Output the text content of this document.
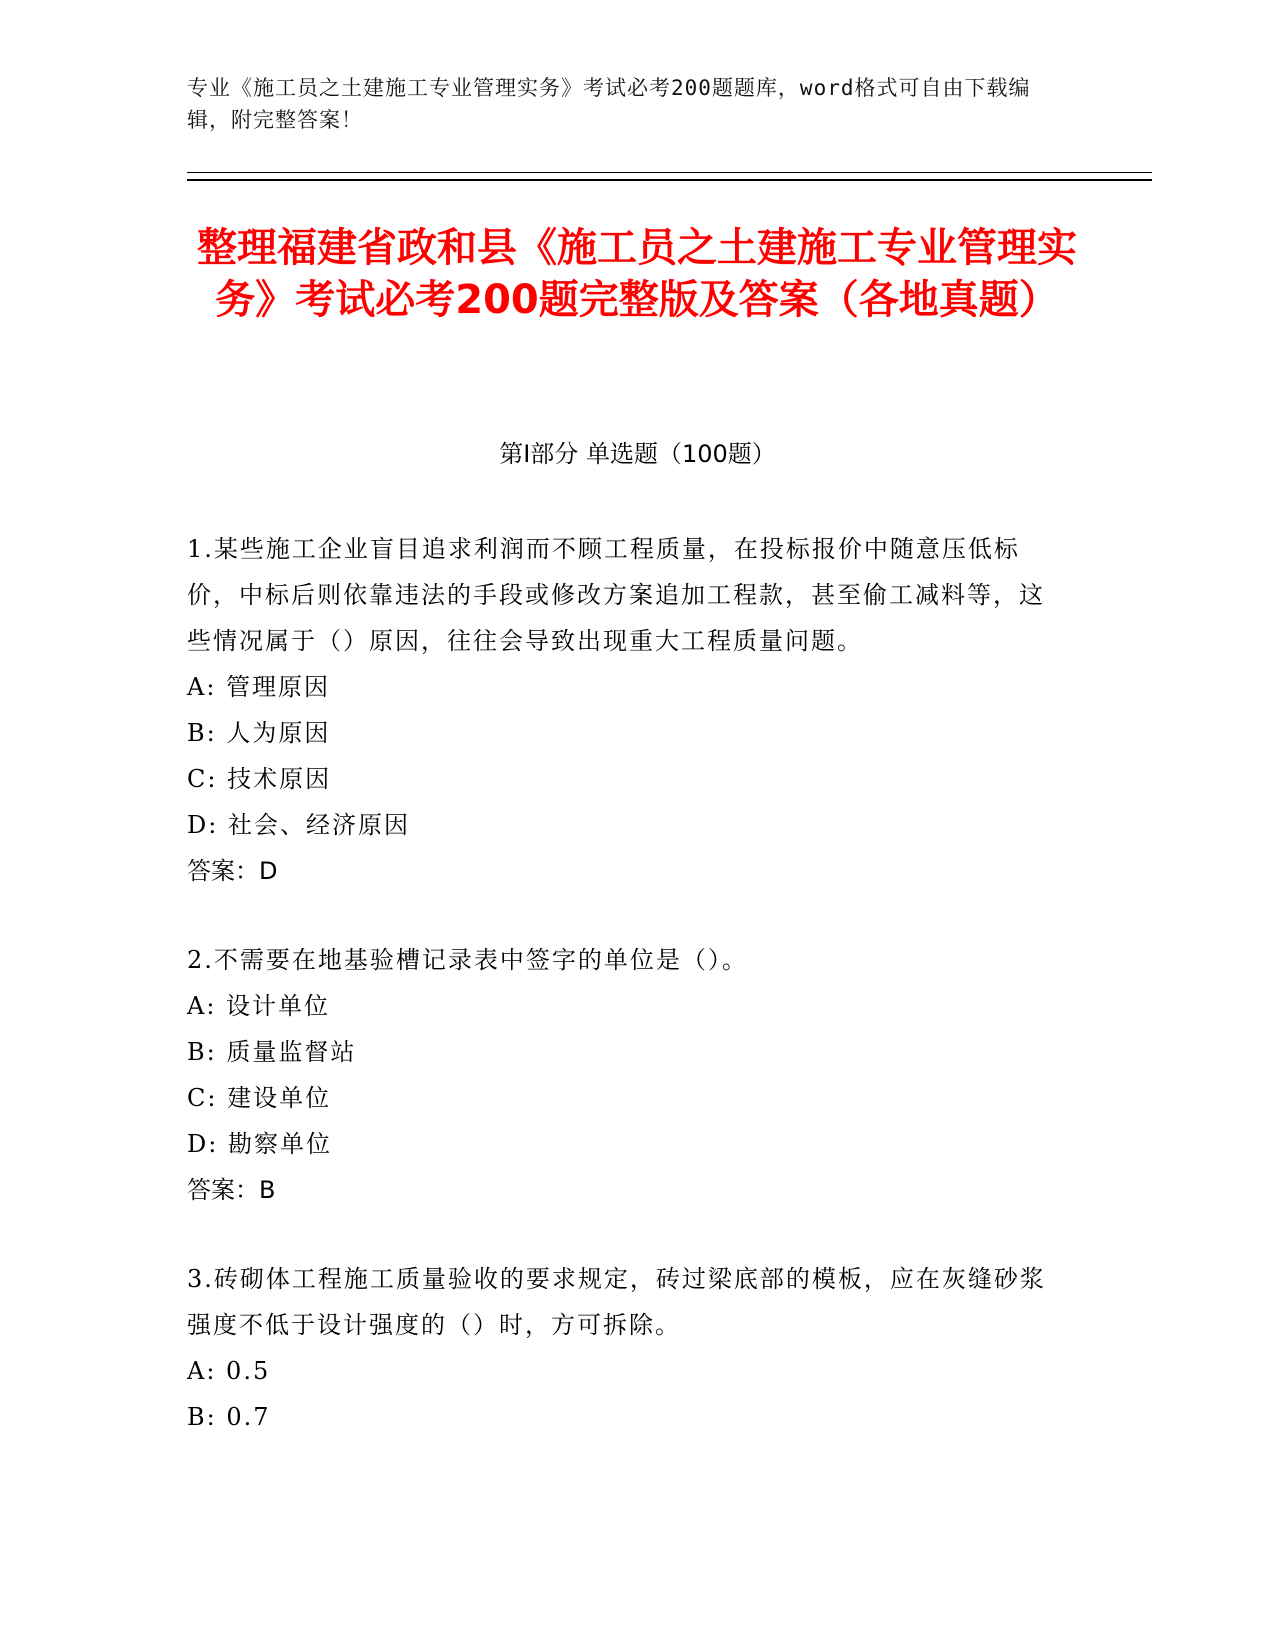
专业《施工员之土建施工专业管理实务》考试必考200题题库，word格式可自由下载编辑，附完整答案！
整理福建省政和县《施工员之土建施工专业管理实务》考试必考200题完整版及答案（各地真题）
第I部分 单选题（100题）

1.某些施工企业盲目追求利润而不顾工程质量，在投标报价中随意压低标价，中标后则依靠违法的手段或修改方案追加工程款，甚至偷工减料等，这些情况属于（）原因，往往会导致出现重大工程质量问题。

A: 管理原因

B: 人为原因

C: 技术原因

D: 社会、经济原因

答案：D

2.不需要在地基验槽记录表中签字的单位是（）。

A: 设计单位

B: 质量监督站

C: 建设单位

D: 勘察单位

答案：B

3.砖砌体工程施工质量验收的要求规定，砖过梁底部的模板，应在灰缝砂浆强度不低于设计强度的（）时，方可拆除。

A: 0.5

B: 0.7
